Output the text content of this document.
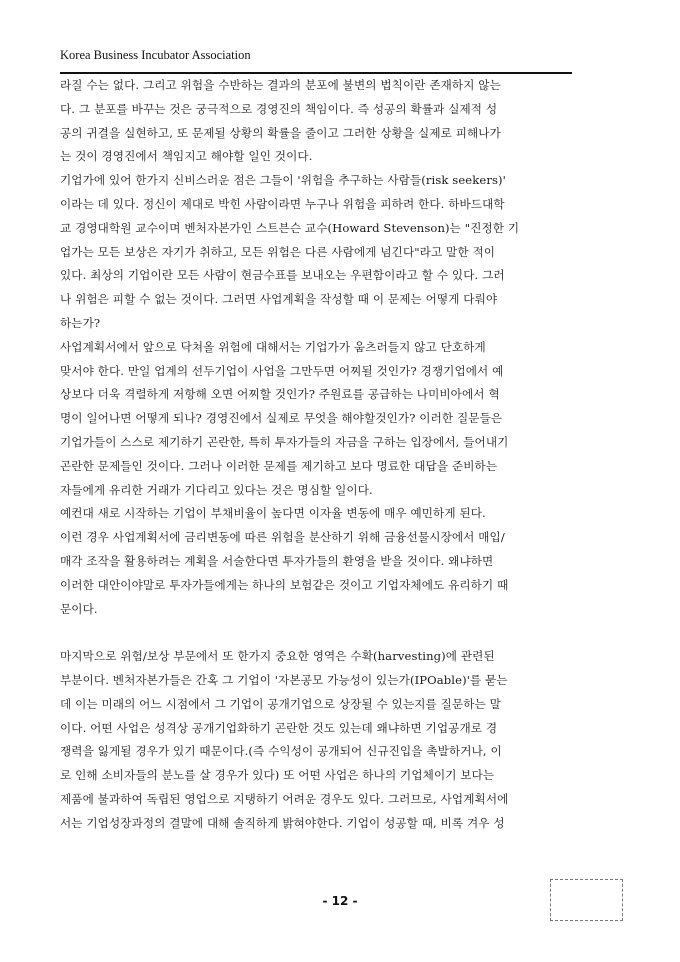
Korea Business Incubator Association
라질 수는 없다. 그리고 위험을 수반하는 결과의 분포에 불변의 법칙이란 존재하지 않는
다. 그 분포를 바꾸는 것은 궁극적으로 경영진의 책임이다. 즉 성공의 확률과 실제적 성
공의 귀결을 실현하고, 또 문제될 상황의 확률을 줄이고 그러한 상황을 실제로 피해나가
는 것이 경영진에서 책임지고 해야할 일인 것이다.
기업가에 있어 한가지 신비스러운 점은 그들이 '위험을 추구하는 사람들(risk seekers)'
이라는 데 있다. 정신이 제대로 박힌 사람이라면 누구나 위험을 피하려 한다. 하바드대학
교 경영대학원 교수이며 벤처자본가인 스트븐슨 교수(Howard Stevenson)는 "진정한 기
업가는 모든 보상은 자기가 취하고, 모든 위험은 다른 사람에게 넘긴다"라고 말한 적이
있다. 최상의 기업이란 모든 사람이 현금수표를 보내오는 우편함이라고 할 수 있다. 그러
나 위험은 피할 수 없는 것이다. 그러면 사업계획을 작성할 때 이 문제는 어떻게 다뤄야
하는가?
사업계획서에서 앞으로 닥쳐올 위험에 대해서는 기업가가 움츠러들지 않고 단호하게
맞서야 한다. 만일 업계의 선두기업이 사업을 그만두면 어찌될 것인가? 경쟁기업에서 예
상보다 더욱 격렬하게 저항해 오면 어찌할 것인가? 주원료를 공급하는 나미비아에서 혁
명이 일어나면 어떻게 되나? 경영진에서 실제로 무엇을 해야할것인가? 이러한 질문들은
기업가들이 스스로 제기하기 곤란한, 특히 투자가들의 자금을 구하는 입장에서, 들어내기
곤란한 문제들인 것이다. 그러나 이러한 문제를 제기하고 보다 명료한 대답을 준비하는
자들에게 유리한 거래가 기다리고 있다는 것은 명심할 일이다.
예컨대 새로 시작하는 기업이 부채비율이 높다면 이자율 변동에 매우 예민하게 된다.
이런 경우 사업계획서에 금리변동에 따른 위험을 분산하기 위해 금융선물시장에서 매입/
매각 조작을 활용하려는 계획을 서술한다면 투자가들의 환영을 받을 것이다. 왜냐하면
이러한 대안이야말로 투자가들에게는 하나의 보험같은 것이고 기업자체에도 유리하기 때
문이다.
마지막으로 위험/보상 부문에서 또 한가지 중요한 영역은 수확(harvesting)에 관련된
부분이다. 벤처자본가들은 간혹 그 기업이 '자본공모 가능성이 있는가(IPOable)'를 묻는
데 이는 미래의 어느 시점에서 그 기업이 공개기업으로 상장될 수 있는지를 질문하는 말
이다. 어떤 사업은 성격상 공개기업화하기 곤란한 것도 있는데 왜냐하면 기업공개로 경
쟁력을 잃게될 경우가 있기 때문이다.(즉 수익성이 공개되어 신규진입을 촉발하거나, 이
로 인해 소비자들의 분노를 살 경우가 있다) 또 어떤 사업은 하나의 기업체이기 보다는
제품에 불과하여 독립된 영업으로 지탱하기 어려운 경우도 있다. 그러므로, 사업계획서에
서는 기업성장과정의 결말에 대해 솔직하게 밝혀야한다. 기업이 성공할 때, 비록 겨우 성
- 12 -
